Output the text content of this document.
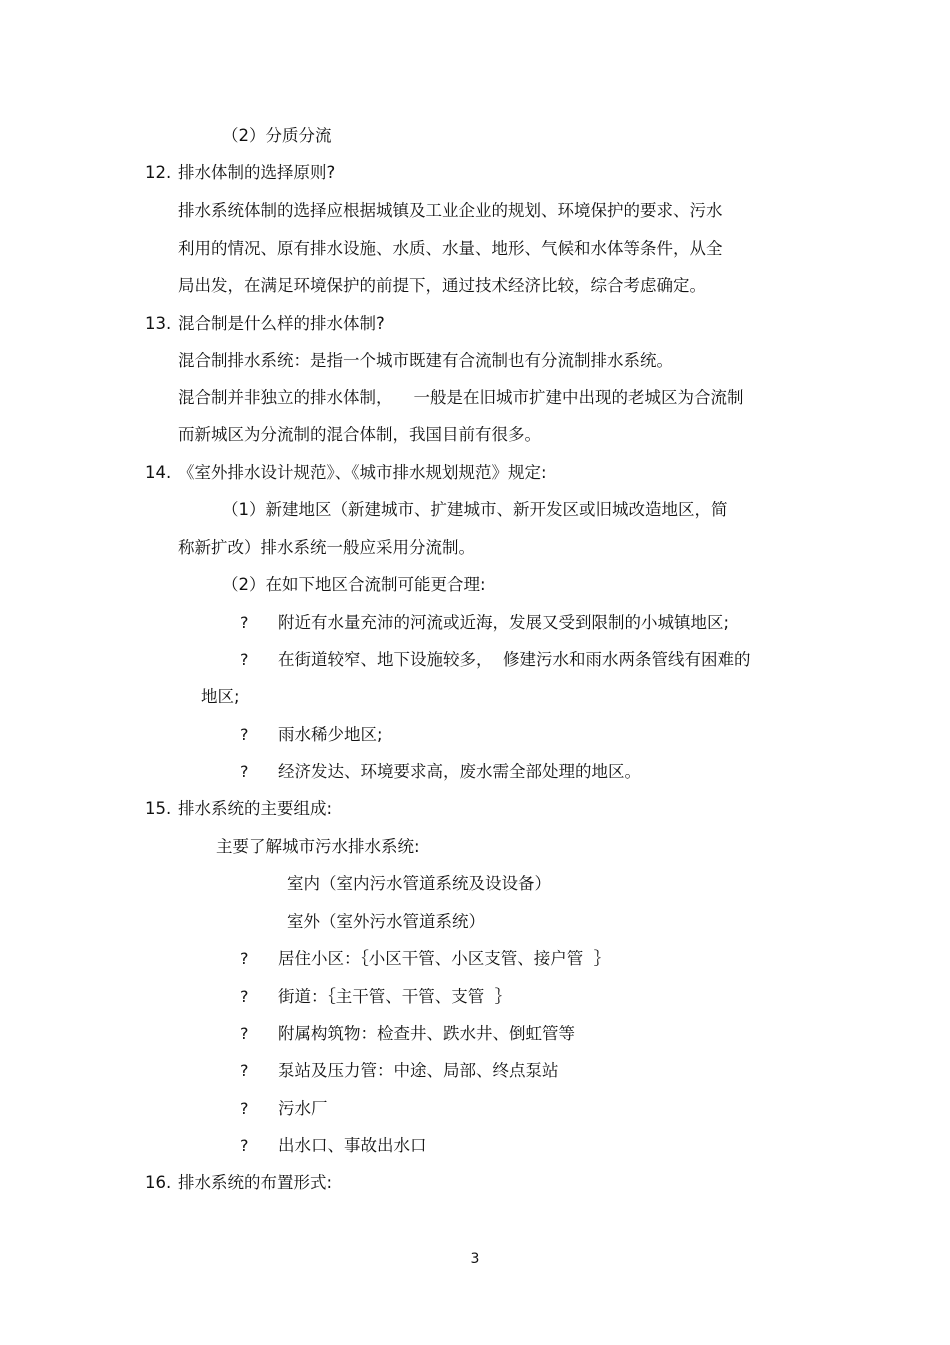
（2）分质分流
12. 排水体制的选择原则?
排水系统体制的选择应根据城镇及工业企业的规划、环境保护的要求、污水
利用的情况、原有排水设施、水质、水量、地形、气候和水体等条件，从全
局出发，在满足环境保护的前提下，通过技术经济比较，综合考虑确定。
13. 混合制是什么样的排水体制?
混合制排水系统：是指一个城市既建有合流制也有分流制排水系统。
混合制并非独立的排水体制，    一般是在旧城市扩建中出现的老城区为合流制
而新城区为分流制的混合体制，我国目前有很多。
14. 《室外排水设计规范》、《城市排水规划规范》规定:
（1）新建地区（新建城市、扩建城市、新开发区或旧城改造地区，简
称新扩改）排水系统一般应采用分流制。
（2）在如下地区合流制可能更合理:
? 附近有水量充沛的河流或近海，发展又受到限制的小城镇地区;
? 在街道较窄、地下设施较多，  修建污水和雨水两条管线有困难的
地区;
? 雨水稀少地区;
? 经济发达、环境要求高，废水需全部处理的地区。
15. 排水系统的主要组成:
主要了解城市污水排水系统:
室内（室内污水管道系统及设设备）
室外（室外污水管道系统）
? 居住小区：｛小区干管、小区支管、接户管  ｝
? 街道：｛主干管、干管、支管  ｝
? 附属构筑物：检查井、跌水井、倒虹管等
? 泵站及压力管：中途、局部、终点泵站
? 污水厂
? 出水口、事故出水口
16. 排水系统的布置形式:
3
